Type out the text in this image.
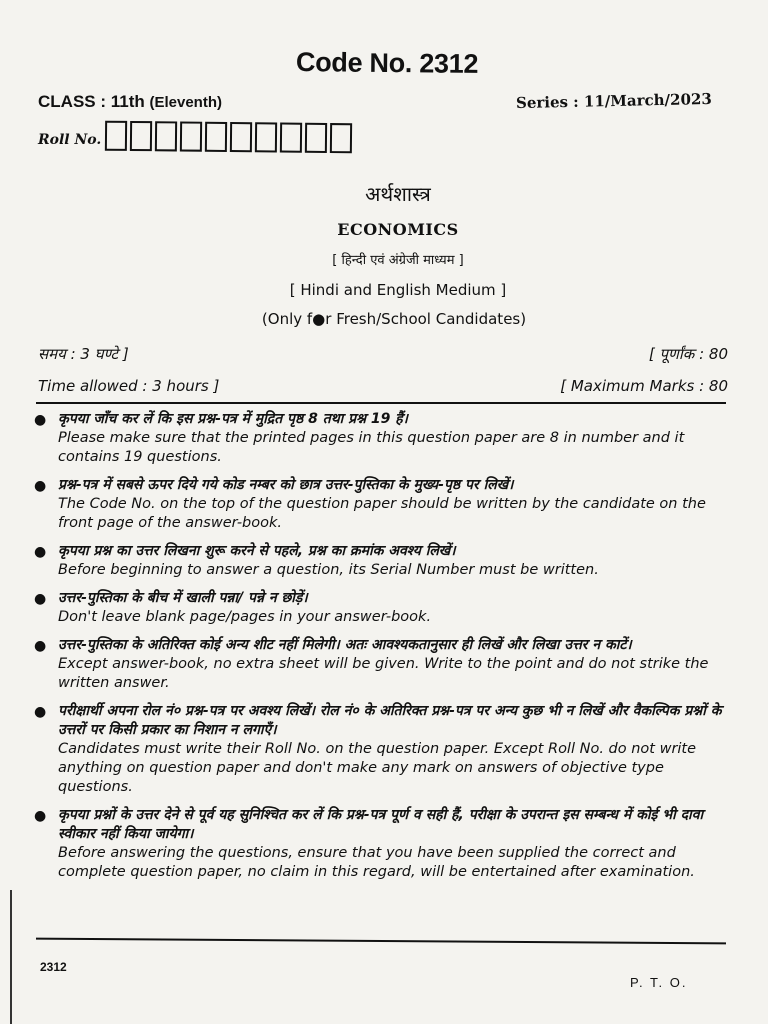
Code No. 2312
CLASS : 11th (Eleventh)	Series : 11/March/2023
Roll No.
अर्थशास्त्र
ECONOMICS
[ हिन्दी एवं अंग्रेजी माध्यम ]
[ Hindi and English Medium ]
(Only f●r Fresh/School Candidates)
समय : 3 घण्टे ]	[ पूर्णांक : 80
Time allowed : 3 hours ]	[ Maximum Marks : 80
● कृपया जाँच कर लें कि इस प्रश्न-पत्र में मुद्रित पृष्ठ 8 तथा प्रश्न 19 हैं।
Please make sure that the printed pages in this question paper are 8 in number and it contains 19 questions.
● प्रश्न-पत्र में सबसे ऊपर दिये गये कोड नम्बर को छात्र उत्तर-पुस्तिका के मुख्य-पृष्ठ पर लिखें।
The Code No. on the top of the question paper should be written by the candidate on the front page of the answer-book.
● कृपया प्रश्न का उत्तर लिखना शुरू करने से पहले, प्रश्न का क्रमांक अवश्य लिखें।
Before beginning to answer a question, its Serial Number must be written.
● उत्तर-पुस्तिका के बीच में खाली पन्ना/ पन्ने न छोड़ें।
Don't leave blank page/pages in your answer-book.
● उत्तर-पुस्तिका के अतिरिक्त कोई अन्य शीट नहीं मिलेगी। अतः आवश्यकतानुसार ही लिखें और लिखा उत्तर न काटें।
Except answer-book, no extra sheet will be given. Write to the point and do not strike the written answer.
● परीक्षार्थी अपना रोल नं० प्रश्न-पत्र पर अवश्य लिखें। रोल नं० के अतिरिक्त प्रश्न-पत्र पर अन्य कुछ भी न लिखें और वैकल्पिक प्रश्नों के उत्तरों पर किसी प्रकार का निशान न लगाएँ।
Candidates must write their Roll No. on the question paper. Except Roll No. do not write anything on question paper and don't make any mark on answers of objective type questions.
● कृपया प्रश्नों के उत्तर देने से पूर्व यह सुनिश्चित कर लें कि प्रश्न-पत्र पूर्ण व सही हैं, परीक्षा के उपरान्त इस सम्बन्ध में कोई भी दावा स्वीकार नहीं किया जायेगा।
Before answering the questions, ensure that you have been supplied the correct and complete question paper, no claim in this regard, will be entertained after examination.
2312
P. T. O.
